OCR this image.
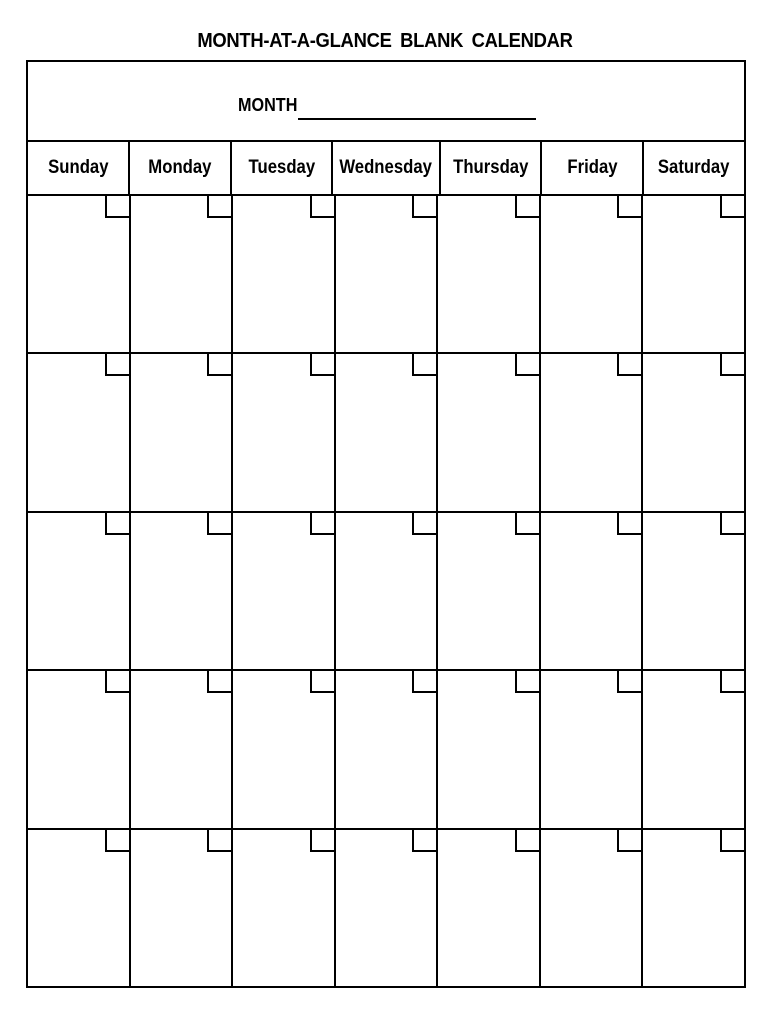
MONTH-AT-A-GLANCE BLANK CALENDAR
MONTH
Sunday Monday Tuesday Wednesday Thursday Friday Saturday
